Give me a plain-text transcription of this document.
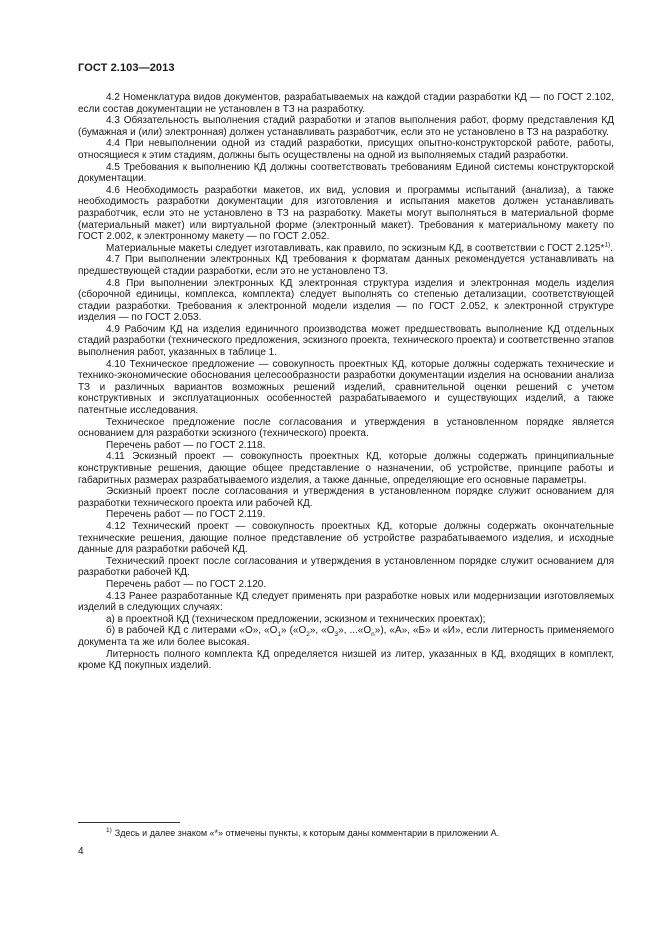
ГОСТ 2.103—2013

4.2 Номенклатура видов документов, разрабатываемых на каждой стадии разработки КД — по ГОСТ 2.102, если состав документации не установлен в ТЗ на разработку.

4.3 Обязательность выполнения стадий разработки и этапов выполнения работ, форму представления КД (бумажная и (или) электронная) должен устанавливать разработчик, если это не установлено в ТЗ на разработку.

4.4 При невыполнении одной из стадий разработки, присущих опытно-конструкторской работе, работы, относящиеся к этим стадиям, должны быть осуществлены на одной из выполняемых стадий разработки.

4.5 Требования к выполнению КД должны соответствовать требованиям Единой системы конструкторской документации.

4.6 Необходимость разработки макетов, их вид, условия и программы испытаний (анализа), а также необходимость разработки документации для изготовления и испытания макетов должен устанавливать разработчик, если это не установлено в ТЗ на разработку. Макеты могут выполняться в материальной форме (материальный макет) или виртуальной форме (электронный макет). Требования к материальному макету по ГОСТ 2.002, к электронному макету — по ГОСТ 2.052.

Материальные макеты следует изготавливать, как правило, по эскизным КД, в соответствии с ГОСТ 2.125*$^{1)}$.

4.7 При выполнении электронных КД требования к форматам данных рекомендуется устанавливать на предшествующей стадии разработки, если это не установлено ТЗ.

4.8 При выполнении электронных КД электронная структура изделия и электронная модель изделия (сборочной единицы, комплекса, комплекта) следует выполнять со степенью детализации, соответствующей стадии разработки. Требования к электронной модели изделия — по ГОСТ 2.052, к электронной структуре изделия — по ГОСТ 2.053.

4.9 Рабочим КД на изделия единичного производства может предшествовать выполнение КД отдельных стадий разработки (технического предложения, эскизного проекта, технического проекта) и соответственно этапов выполнения работ, указанных в таблице 1.

4.10 Техническое предложение — совокупность проектных КД, которые должны содержать технические и технико-экономические обоснования целесообразности разработки документации изделия на основании анализа ТЗ и различных вариантов возможных решений изделий, сравнительной оценки решений с учетом конструктивных и эксплуатационных особенностей разрабатываемого и существующих изделий, а также патентные исследования.

Техническое предложение после согласования и утверждения в установленном порядке является основанием для разработки эскизного (технического) проекта.

Перечень работ — по ГОСТ 2.118.

4.11 Эскизный проект — совокупность проектных КД, которые должны содержать принципиальные конструктивные решения, дающие общее представление о назначении, об устройстве, принципе работы и габаритных размерах разрабатываемого изделия, а также данные, определяющие его основные параметры.

Эскизный проект после согласования и утверждения в установленном порядке служит основанием для разработки технического проекта или рабочей КД.

Перечень работ — по ГОСТ 2.119.

4.12 Технический проект — совокупность проектных КД, которые должны содержать окончательные технические решения, дающие полное представление об устройстве разрабатываемого изделия, и исходные данные для разработки рабочей КД.

Технический проект после согласования и утверждения в установленном порядке служит основанием для разработки рабочей КД.

Перечень работ — по ГОСТ 2.120.

4.13 Ранее разработанные КД следует применять при разработке новых или модернизации изготовляемых изделий в следующих случаях:

а) в проектной КД (техническом предложении, эскизном и технических проектах);

б) в рабочей КД с литерами «О», «$О_1$» («$О_2$», «$О_3$», $...«О_n$»), «А», «Б» и «И», если литерность применяемого документа та же или более высокая.

Литерность полного комплекта КД определяется низшей из литер, указанных в КД, входящих в комплект, кроме КД покупных изделий.

$^{1)}$ Здесь и далее знаком «*» отмечены пункты, к которым даны комментарии в приложении А.
4
